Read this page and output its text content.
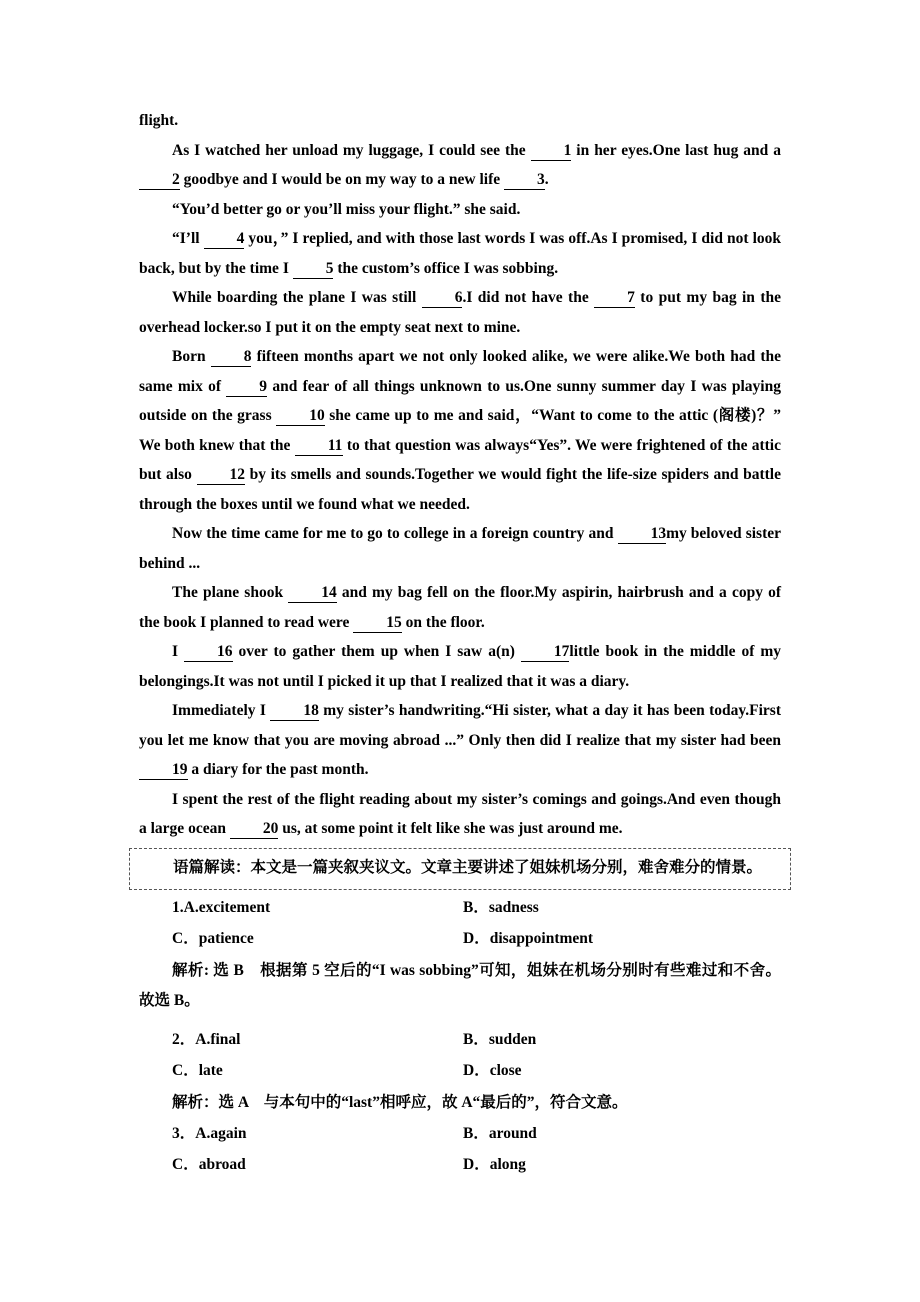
flight.

As I watched her unload my luggage, I could see the 1 in her eyes.One last hug and a 2 goodbye and I would be on my way to a new life 3.

“You’d better go or you’ll miss your flight.” she said.

“I’ll 4 you，” I replied, and with those last words I was off.As I promised, I did not look back, but by the time I 5 the custom’s office I was sobbing.

While boarding the plane I was still 6.I did not have the 7 to put my bag in the overhead locker.so I put it on the empty seat next to mine.

Born 8 fifteen months apart we not only looked alike, we were alike.We both had the same mix of 9 and fear of all things unknown to us.One sunny summer day I was playing outside on the grass 10 she came up to me and said，“Want to come to the attic (阁楼)？” We both knew that the 11 to that question was always“Yes”. We were frightened of the attic but also 12 by its smells and sounds.Together we would fight the life-size spiders and battle through the boxes until we found what we needed.

Now the time came for me to go to college in a foreign country and 13my beloved sister behind ...

The plane shook 14 and my bag fell on the floor.My aspirin, hairbrush and a copy of the book I planned to read were 15 on the floor.

I 16 over to gather them up when I saw a(n) 17little book in the middle of my belongings.It was not until I picked it up that I realized that it was a diary.

Immediately I 18 my sister’s handwriting.“Hi sister, what a day it has been today.First you let me know that you are moving abroad ...” Only then did I realize that my sister had been 19 a diary for the past month.

I spent the rest of the flight reading about my sister’s comings and goings.And even though a large ocean 20 us, at some point it felt like she was just around me.

语篇解读：本文是一篇夹叙夹议文。文章主要讲述了姐妹机场分别，难舍难分的情景。

1.A.excitement	B．sadness
C．patience	D．disappointment

解析: 选 B　根据第 5 空后的“I was sobbing”可知，姐妹在机场分别时有些难过和不舍。故选 B。

2．A.final	B．sudden
C．late	D．close

解析：选 A　与本句中的“last”相呼应，故 A“最后的”，符合文意。

3．A.again	B．around
C．abroad	D．along
